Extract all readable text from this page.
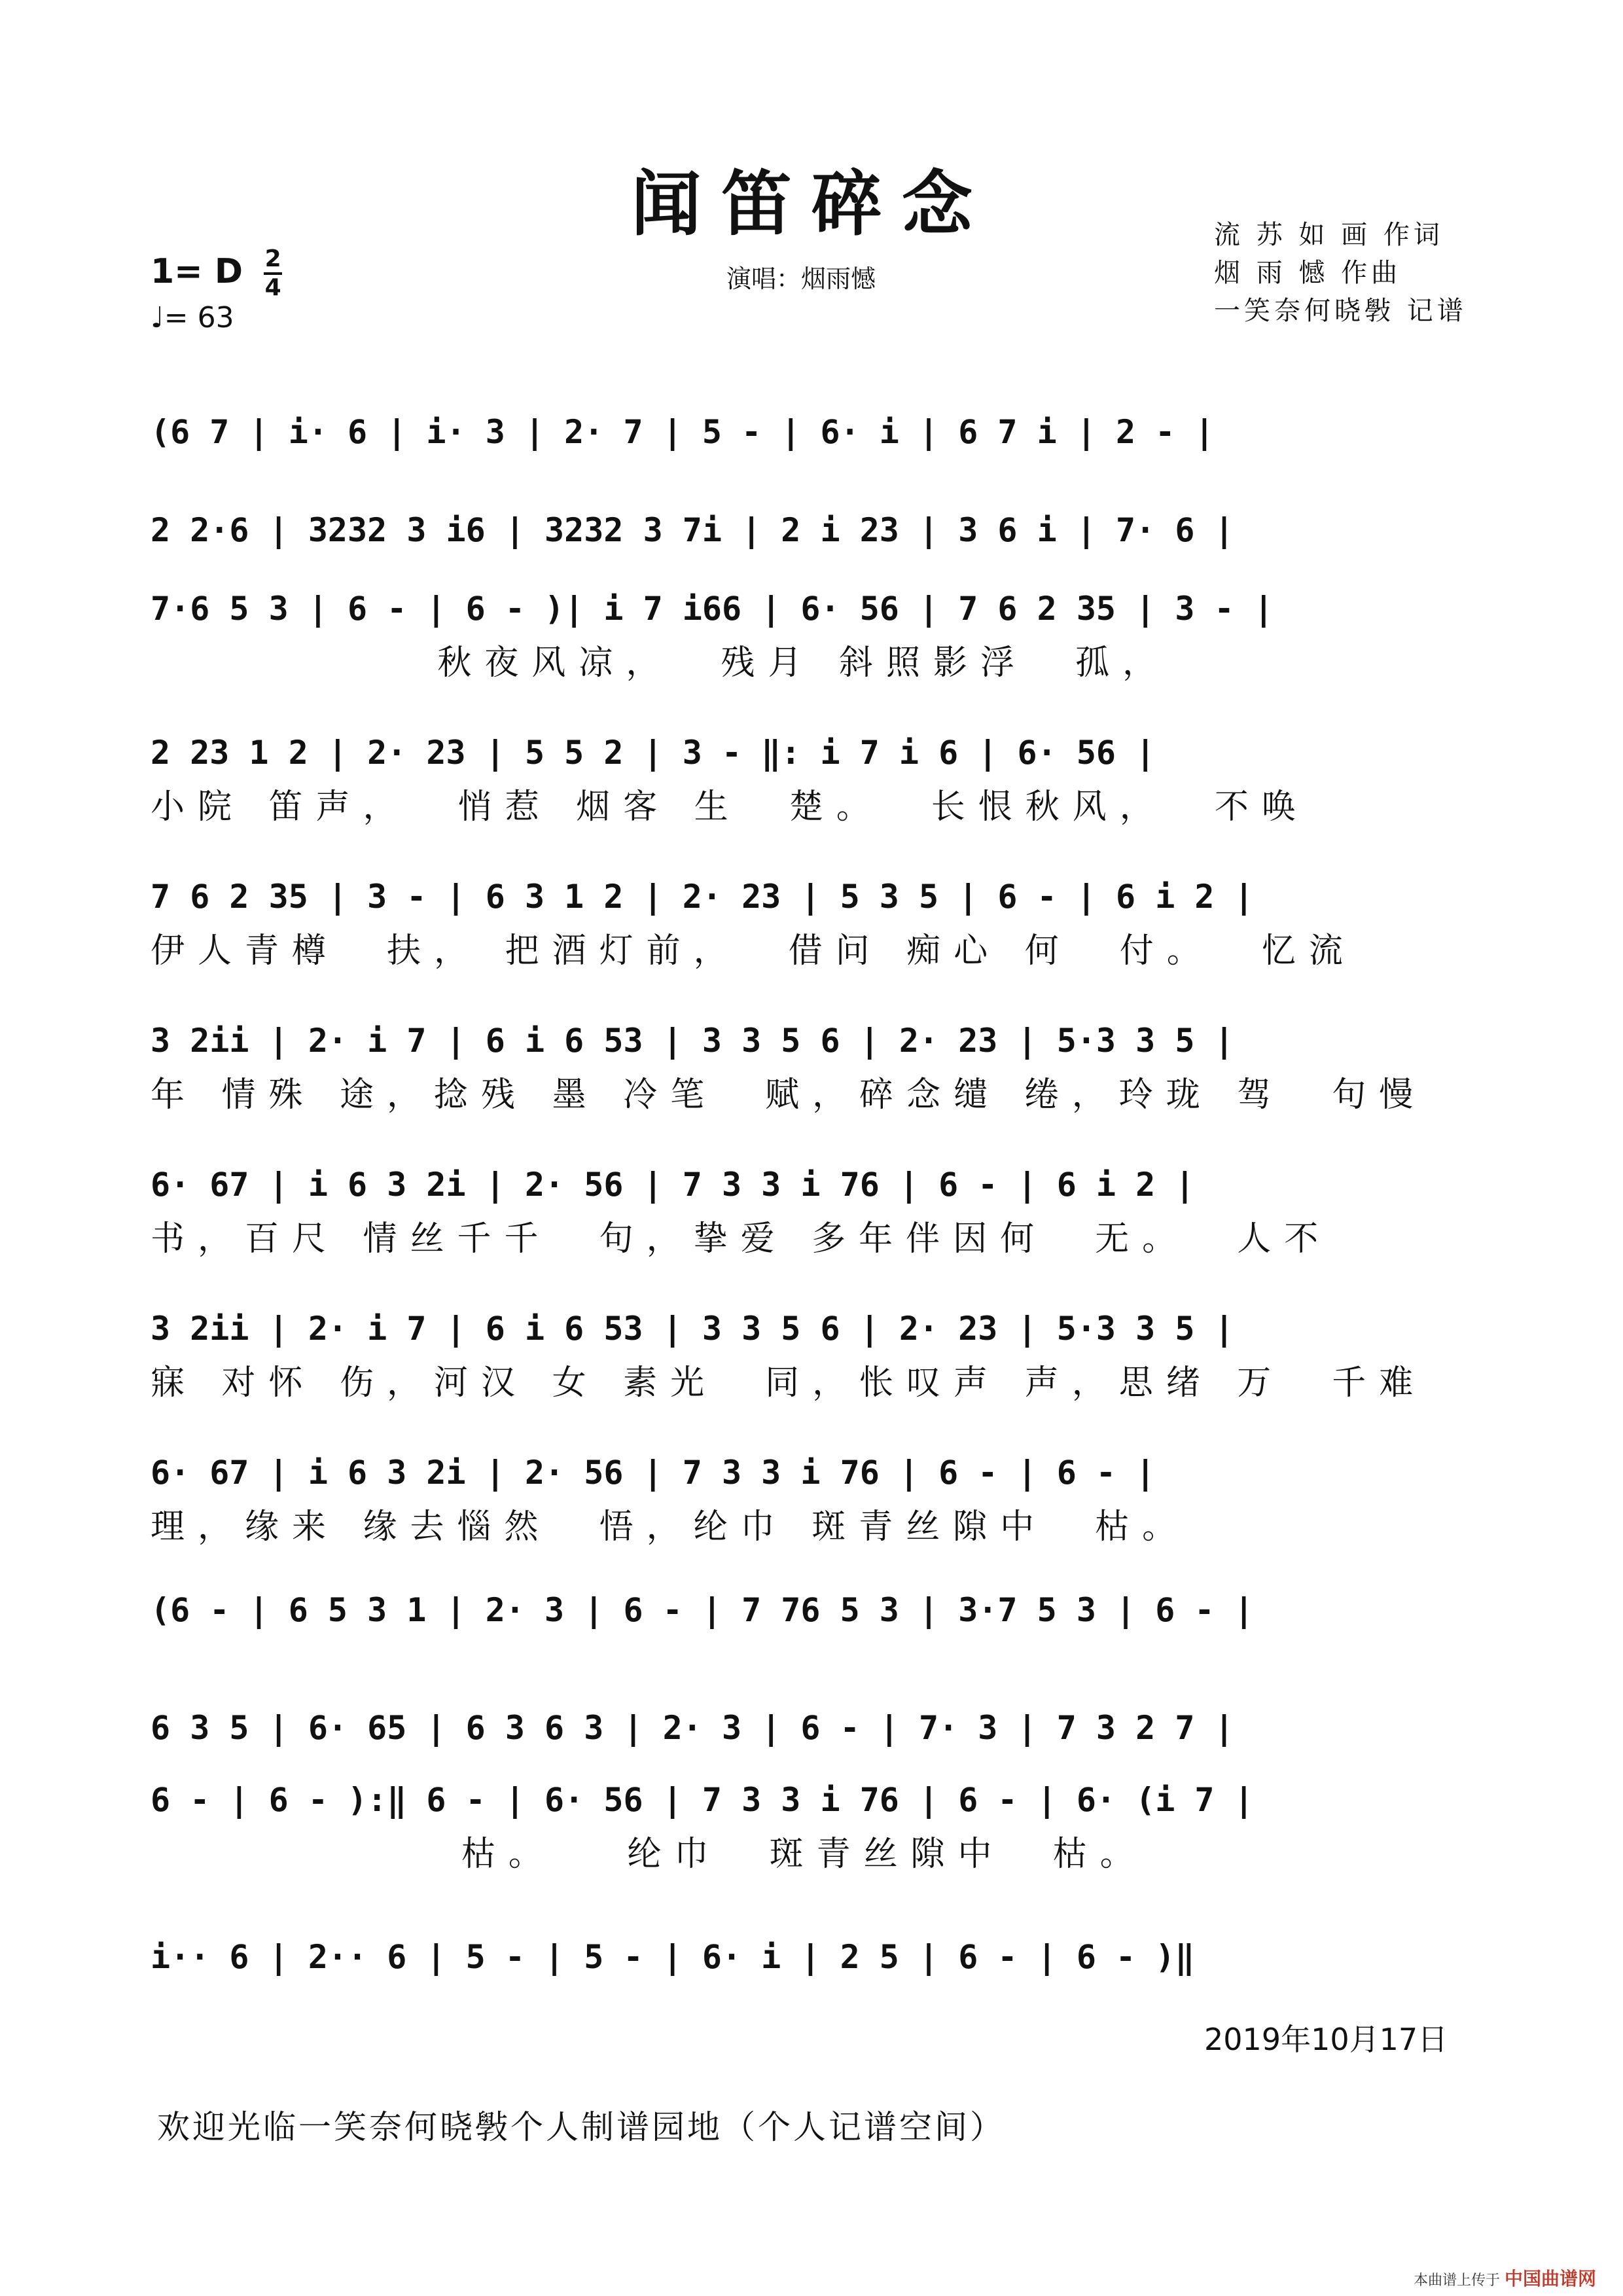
闻笛碎念
1= D $\frac{2}{4}$
♩= 63
演唱：烟雨憾
流 苏 如 画 作词
烟 雨 憾 作曲
一笑奈何晓斅 记谱
(6 7 | i· 6 | i· 3 | 2· 7 | 5 - | 6· i | 6 7 i | 2 - |
2 2·6 | 3232 3 i6 | 3232 3 7i | 2 i 23 | 3 6 i | 7· 6 |
7·6 5 3 | 6 - | 6 - )| i 7 i66 | 6· 56 | 7 6 2 35 | 3 - |
秋夜风凉，  残月 斜照影浮  孤，
2 23 1 2 | 2· 23 | 5 5 2 | 3 - ‖: i 7 i 6 | 6· 56 |
小院 笛声，  悄惹 烟客 生  楚。  长恨秋风，  不唤
7 6 2 35 | 3 - | 6 3 1 2 | 2· 23 | 5 3 5 | 6 - | 6 i 2 |
伊人青樽  扶， 把酒灯前，  借问 痴心 何  付。  忆流
3 2ii | 2· i 7 | 6 i 6 53 | 3 3 5 6 | 2· 23 | 5·3 3 5 |
年 情殊 途，捻残 墨 冷笔  赋，碎念缱 绻，玲珑 驾  句慢
6· 67 | i 6 3 2i | 2· 56 | 7 3 3 i 76 | 6 - | 6 i 2 |
书，百尺 情丝千千  句，挚爱 多年伴因何  无。  人不
3 2ii | 2· i 7 | 6 i 6 53 | 3 3 5 6 | 2· 23 | 5·3 3 5 |
寐 对怀 伤，河汉 女 素光  同，怅叹声 声，思绪 万  千难
6· 67 | i 6 3 2i | 2· 56 | 7 3 3 i 76 | 6 - | 6 - |
理，缘来 缘去惱然  悟，纶巾 斑青丝隙中  枯。
(6 - | 6 5 3 1 | 2· 3 | 6 - | 7 76 5 3 | 3·7 5 3 | 6 - |
6 3 5 | 6· 65 | 6 3 6 3 | 2· 3 | 6 - | 7· 3 | 7 3 2 7 |
6 - | 6 - ):‖ 6 - | 6· 56 | 7 3 3 i 76 | 6 - | 6· (i 7 |
枯。   纶巾  斑青丝隙中  枯。
i·· 6 | 2·· 6 | 5 - | 5 - | 6· i | 2 5 | 6 - | 6 - )‖
2019年10月17日
欢迎光临一笑奈何晓斅个人制谱园地（个人记谱空间）
本曲谱上传于 中国曲谱网
